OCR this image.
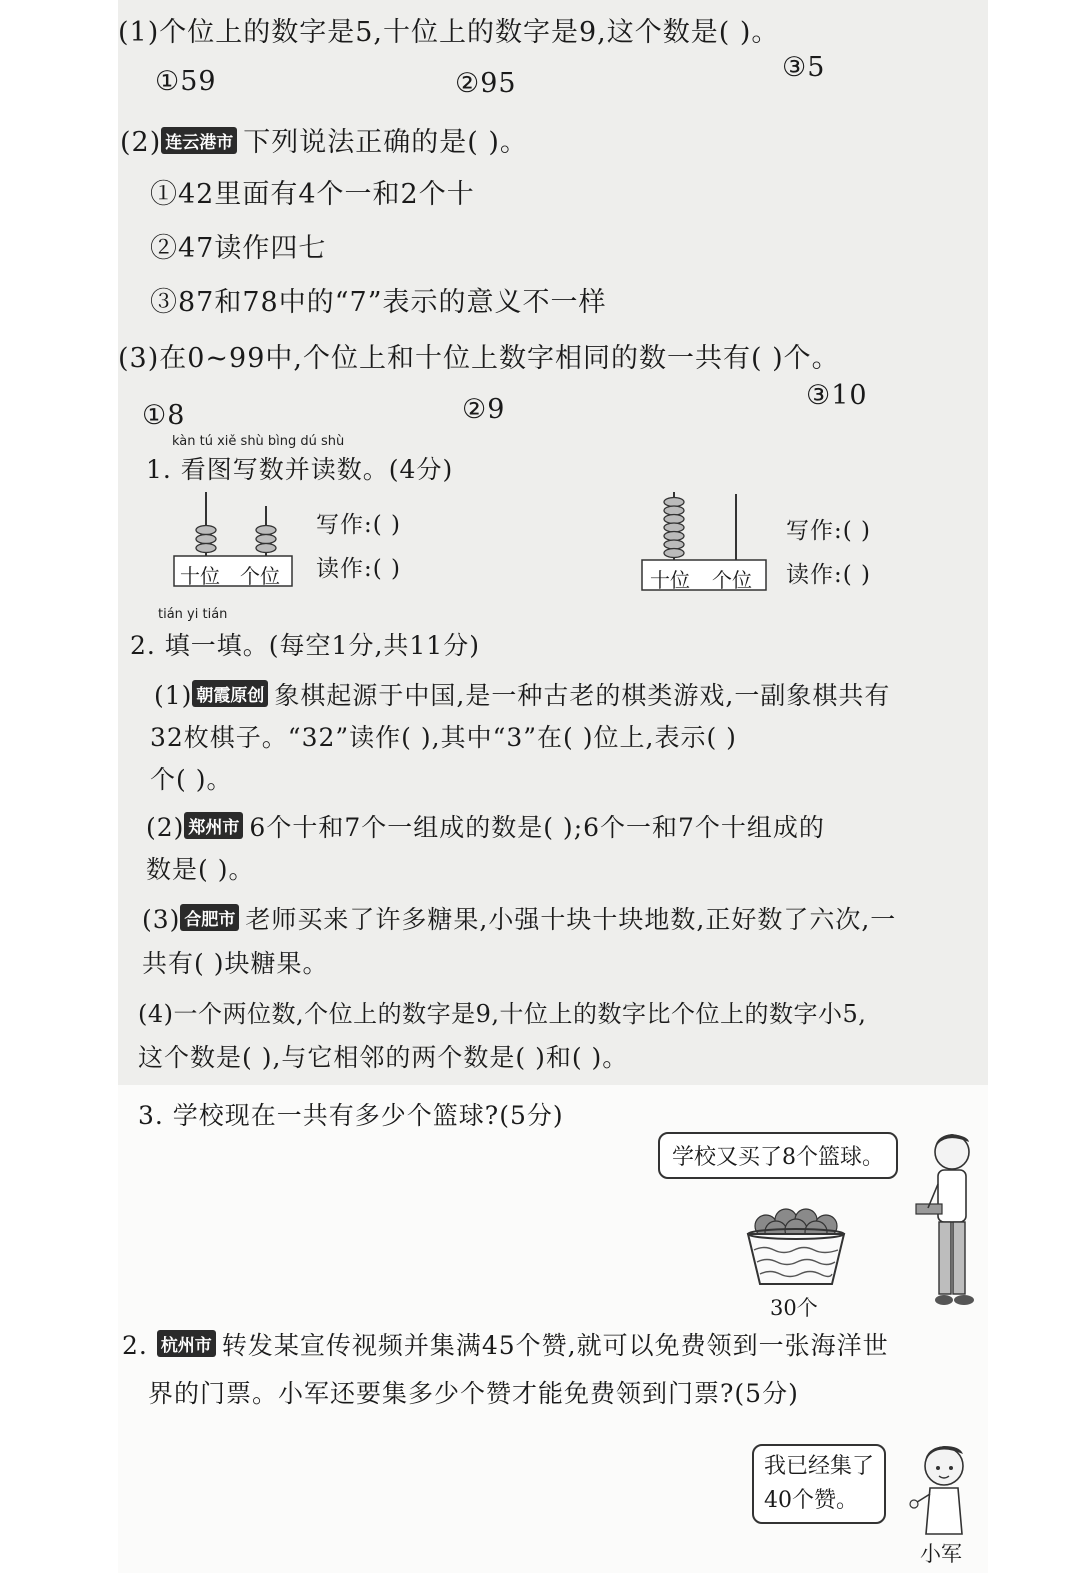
(1)个位上的数字是5,十位上的数字是9,这个数是( )。
①59	②95
③5
(2) 连云港市 下列说法正确的是( )。
①42里面有4个一和2个十
②47读作四七
③87和78中的“7”表示的意义不一样
(3)在0~99中,个位上和十位上数字相同的数一共有( )个。
①8	②9	③10
kàn tú xiě shù bìng dú shù
1. 看图写数并读数。(4分)
十位 个位
写作:( )
读作:( )	十位 个位
写作:( )
读作:( )
tián yi tián
2. 填一填。(每空1分,共11分)
(1) 朝霞原创 象棋起源于中国,是一种古老的棋类游戏,一副象棋共有
32枚棋子。“32”读作( ),其中“3”在( )位上,表示( )
个( )。
(2) 郑州市 6个十和7个一组成的数是( );6个一和7个十组成的
数是( )。
(3) 合肥市 老师买来了许多糖果,小强十块十块地数,正好数了六次,一
共有( )块糖果。
(4)一个两位数,个位上的数字是9,十位上的数字比个位上的数字小5,
这个数是( ),与它相邻的两个数是( )和( )。
3. 学校现在一共有多少个篮球?(5分)
学校又买了8个篮球。
30个
2. 杭州市 转发某宣传视频并集满45个赞,就可以免费领到一张海洋世
界的门票。小军还要集多少个赞才能免费领到门票?(5分)
我已经集了
40个赞。
小军
